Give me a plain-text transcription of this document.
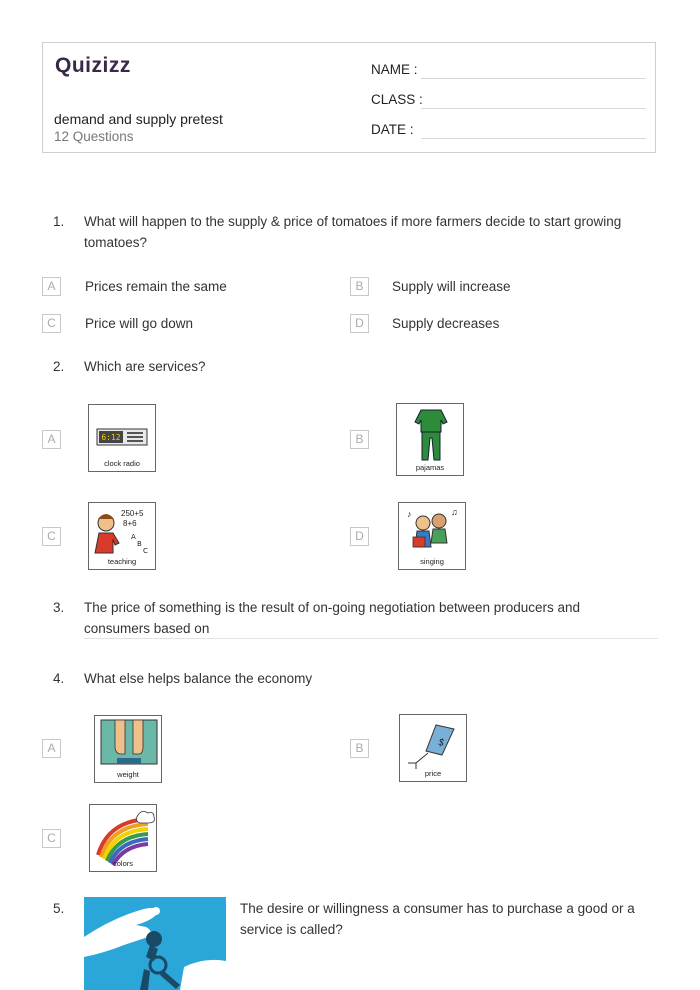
Quizizz
demand and supply pretest
12 Questions
NAME :
CLASS :
DATE :
1. What will happen to the supply & price of tomatoes if more farmers decide to start growing tomatoes?
A	Prices remain the same	B	Supply will increase
C	Price will go down	D	Supply decreases
2. Which are services?
A	6:12
clock radio
B
pajamas
C	A
B
C
250+5
8+6
teaching
D
♪	♫
singing
3. The price of something is the result of on-going negotiation between producers and consumers based on
4. What else helps balance the economy
A
weight
B	$
price
C
colors
5.	The desire or willingness a consumer has to purchase a good or a service is called?
